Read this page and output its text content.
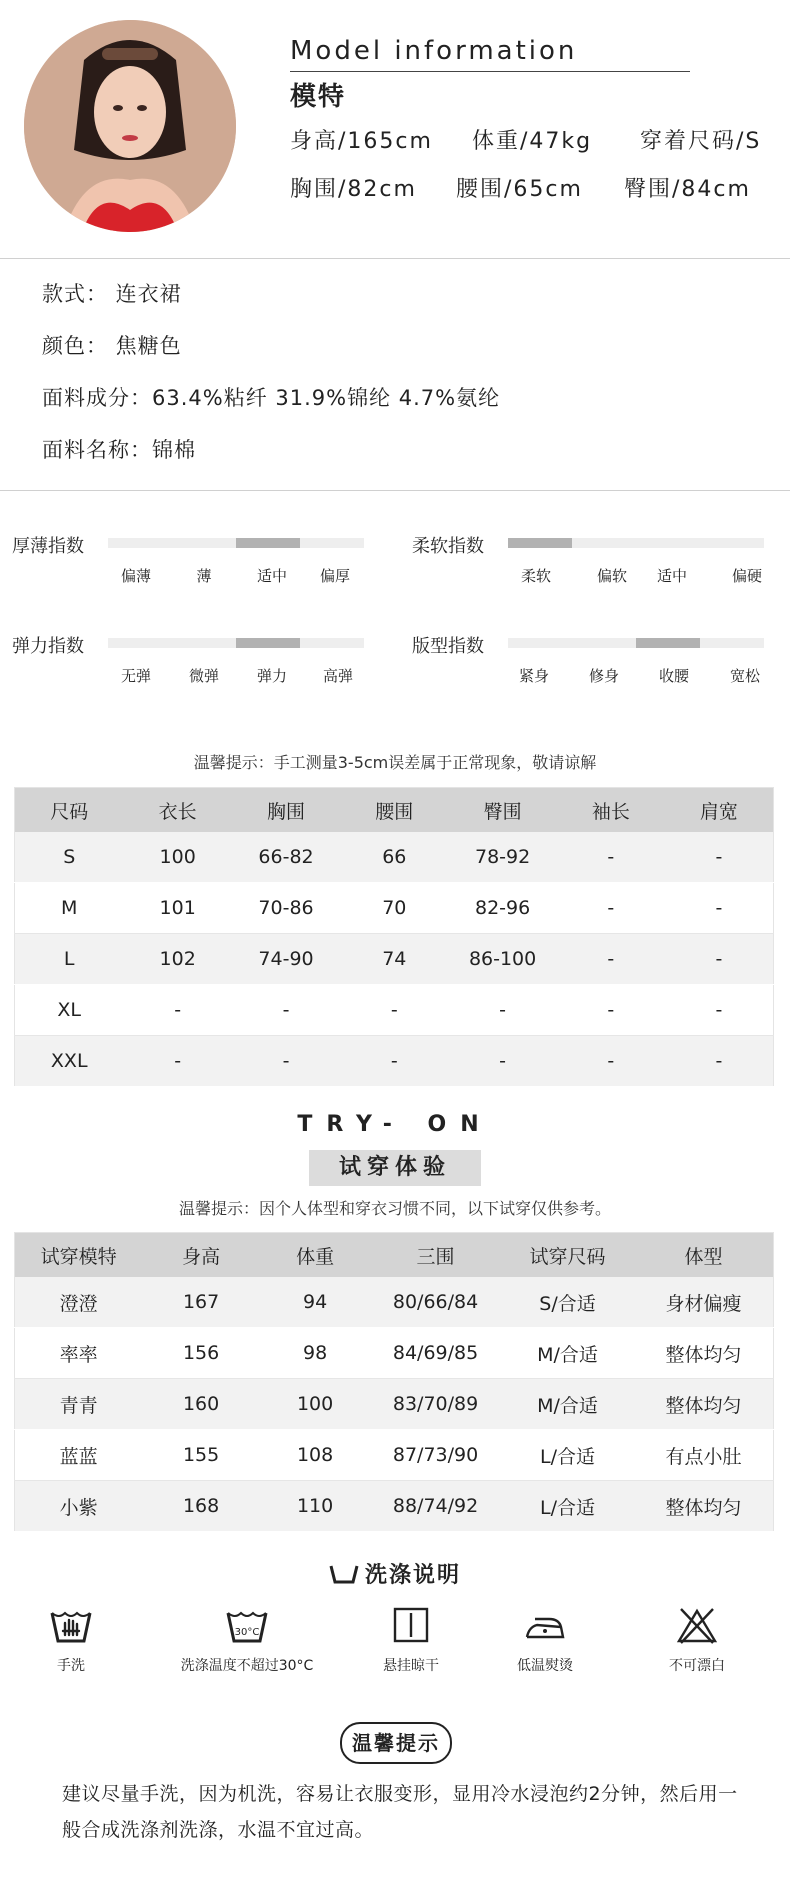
Model information
模特
身高/165cm 体重/47kg 穿着尺码/S
胸围/82cm 腰围/65cm 臀围/84cm
款式： 连衣裙
颜色： 焦糖色
面料成分：63.4%粘纤 31.9%锦纶 4.7%氨纶
面料名称：锦棉
厚薄指数
偏薄	薄	适中	偏厚
柔软指数
柔软	偏软	适中	偏硬
弹力指数
无弹	微弹	弹力	高弹
版型指数
紧身	修身	收腰	宽松
温馨提示：手工测量3-5cm误差属于正常现象，敬请谅解
尺码	衣长	胸围	腰围	臀围	袖长	肩宽
S	100	66-82	66	78-92	-	-
M	101	70-86	70	82-96	-	-
L	102	74-90	74	86-100	-	-
XL	-	-	-	-	-	-
XXL	-	-	-	-	-	-
TRY- ON
试穿体验
温馨提示：因个人体型和穿衣习惯不同，以下试穿仅供参考。
试穿模特	身高	体重	三围	试穿尺码	体型
澄澄	167	94	80/66/84	S/合适	身材偏瘦
率率	156	98	84/69/85	M/合适	整体均匀
青青	160	100	83/70/89	M/合适	整体均匀
蓝蓝	155	108	87/73/90	L/合适	有点小肚
小紫	168	110	88/74/92	L/合适	整体均匀
洗涤说明
手洗
30°C
洗涤温度不超过30°C	悬挂晾干	低温熨烫	不可漂白
温馨提示
建议尽量手洗，因为机洗，容易让衣服变形，显用冷水浸泡约2分钟，然后用一般合成洗涤剂洗涤，水温不宜过高。
